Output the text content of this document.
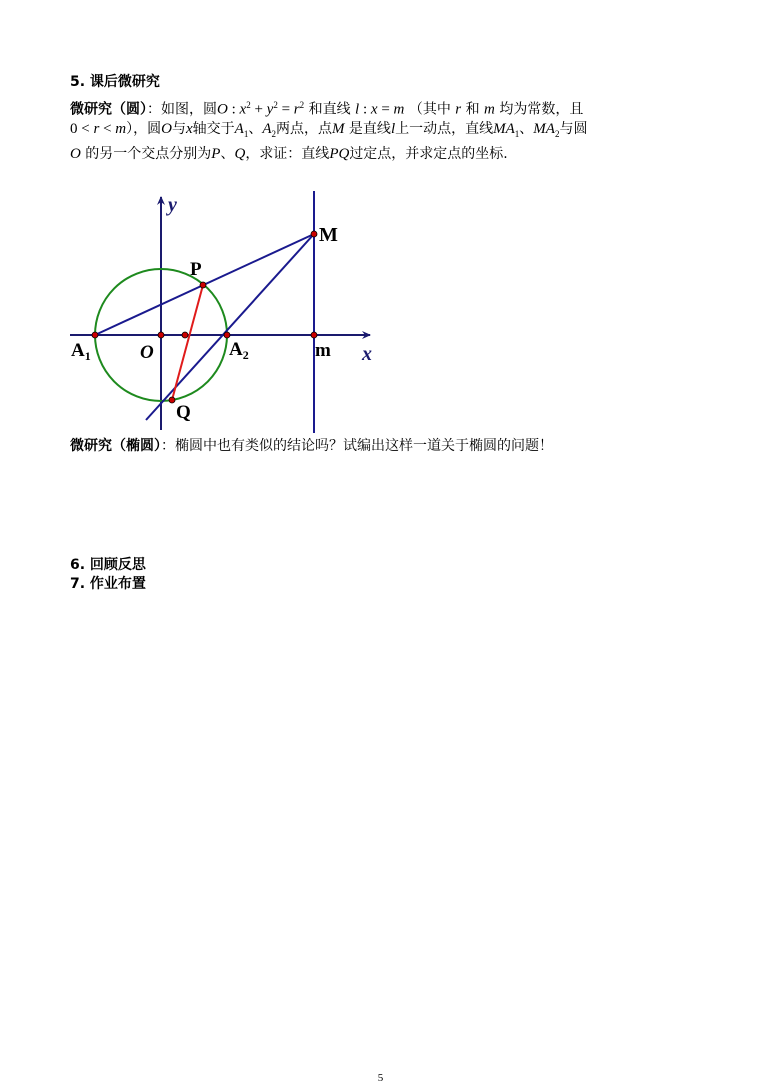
5. 课后微研究
微研究（圆）：如图，圆O : $x^2 + y^2 = r^2$ 和直线 l : x = m （其中 r 和 m 均为常数，且
0 < r < m），圆O与x轴交于$A_1$、$A_2$两点，点M 是直线l上一动点，直线$MA_1$、$MA_2$与圆
O 的另一个交点分别为P、Q，求证：直线PQ过定点，并求定点的坐标.
y
x
M
P
$A_1$	O	$A_2$	m
Q
微研究（椭圆）：椭圆中也有类似的结论吗？试编出这样一道关于椭圆的问题！
6. 回顾反思
7. 作业布置
5
